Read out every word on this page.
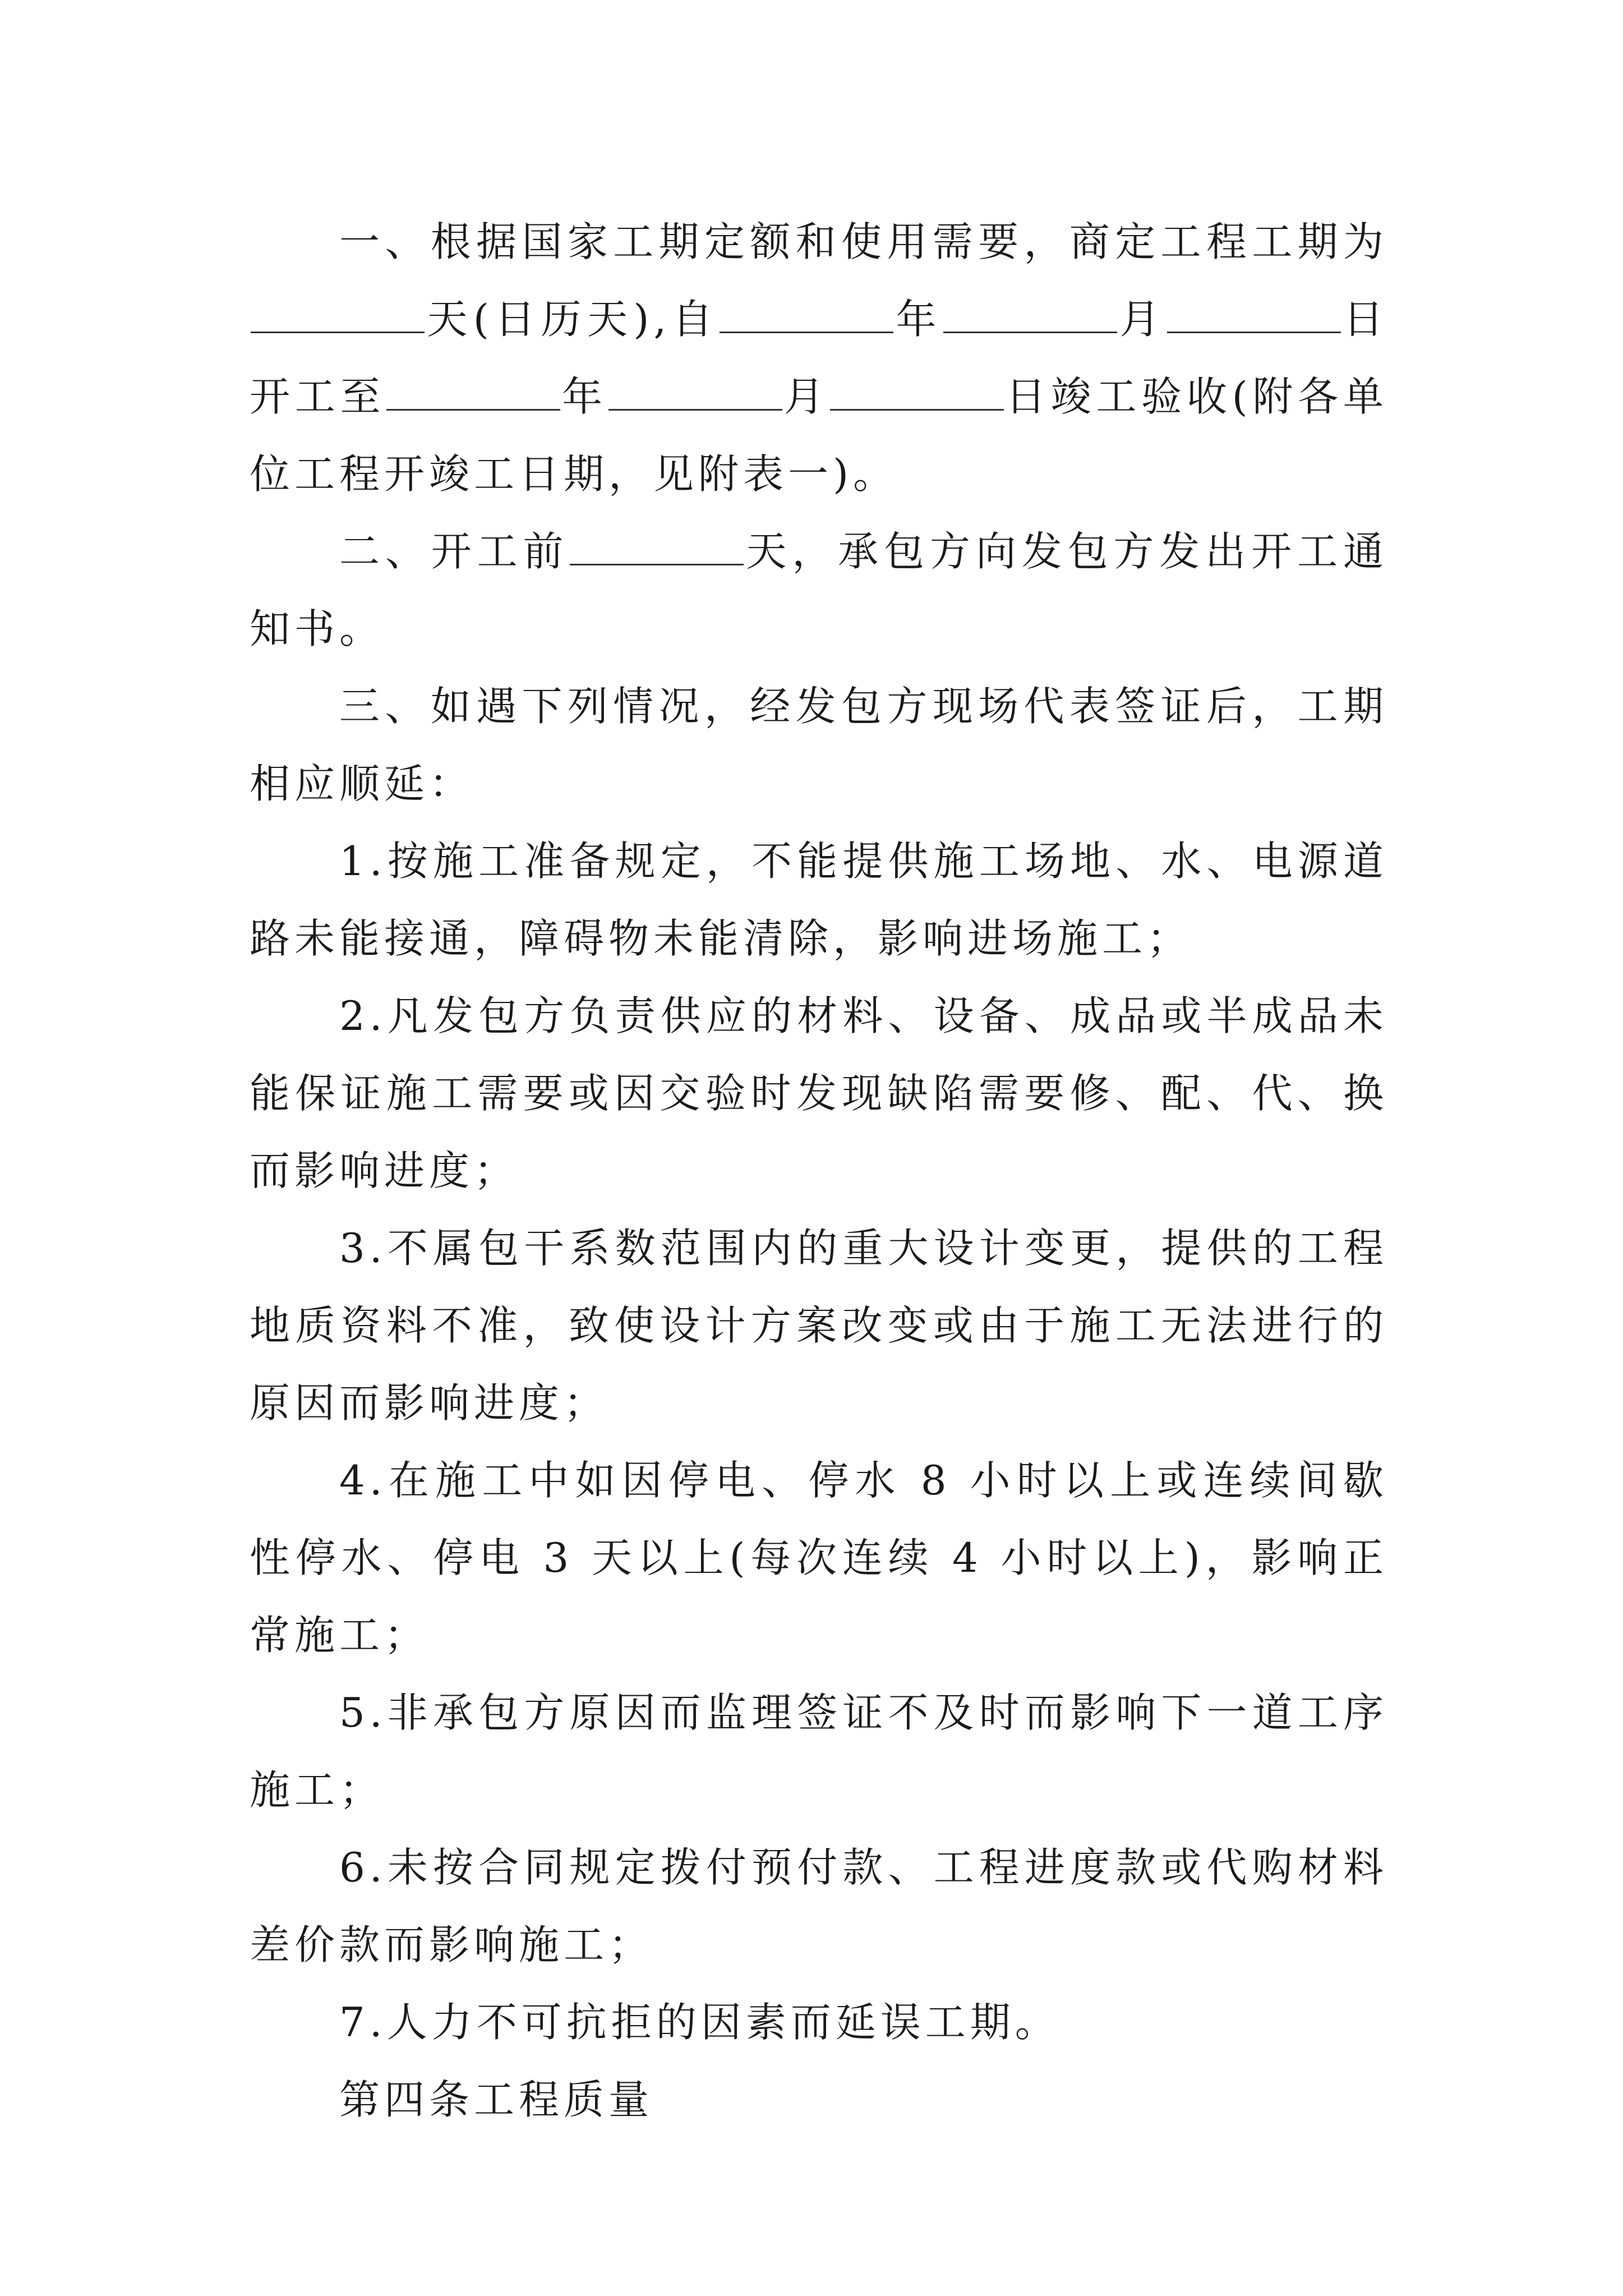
一、根据国家工期定额和使用需要，商定工程工期为天(日历天),自	年	月	日开工至	年	月	日竣工验收(附各单位工程开竣工日期，见附表一)。

二、开工前	天，承包方向发包方发出开工通知书。

三、如遇下列情况，经发包方现场代表签证后，工期相应顺延：

1.按施工准备规定，不能提供施工场地、水、电源道路未能接通，障碍物未能清除，影响进场施工；

2.凡发包方负责供应的材料、设备、成品或半成品未能保证施工需要或因交验时发现缺陷需要修、配、代、换而影响进度；

3.不属包干系数范围内的重大设计变更，提供的工程地质资料不准，致使设计方案改变或由于施工无法进行的原因而影响进度；

4.在施工中如因停电、停水 8 小时以上或连续间歇性停水、停电 3 天以上(每次连续 4 小时以上)，影响正常施工；

5.非承包方原因而监理签证不及时而影响下一道工序施工；

6.未按合同规定拨付预付款、工程进度款或代购材料差价款而影响施工；

7.人力不可抗拒的因素而延误工期。

第四条工程质量
